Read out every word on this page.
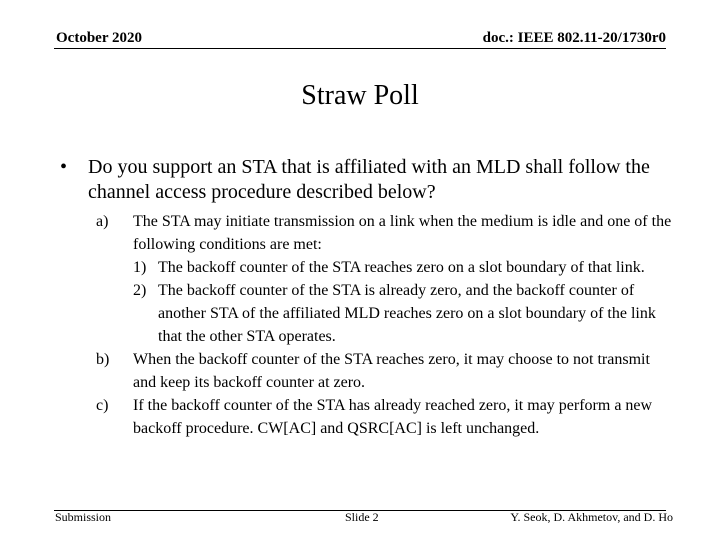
October 2020	doc.: IEEE 802.11-20/1730r0
Straw Poll
•	Do you support an STA that is affiliated with an MLD shall follow the channel access procedure described below?
a) The STA may initiate transmission on a link when the medium is idle and one of the following conditions are met:
1) The backoff counter of the STA reaches zero on a slot boundary of that link.
2) The backoff counter of the STA is already zero, and the backoff counter of another STA of the affiliated MLD reaches zero on a slot boundary of the link that the other STA operates.
b) When the backoff counter of the STA reaches zero, it may choose to not transmit and keep its backoff counter at zero.
c) If the backoff counter of the STA has already reached zero, it may perform a new backoff procedure. CW[AC] and QSRC[AC] is left unchanged.
Submission	Slide 2	Y. Seok, D. Akhmetov, and D. Ho
